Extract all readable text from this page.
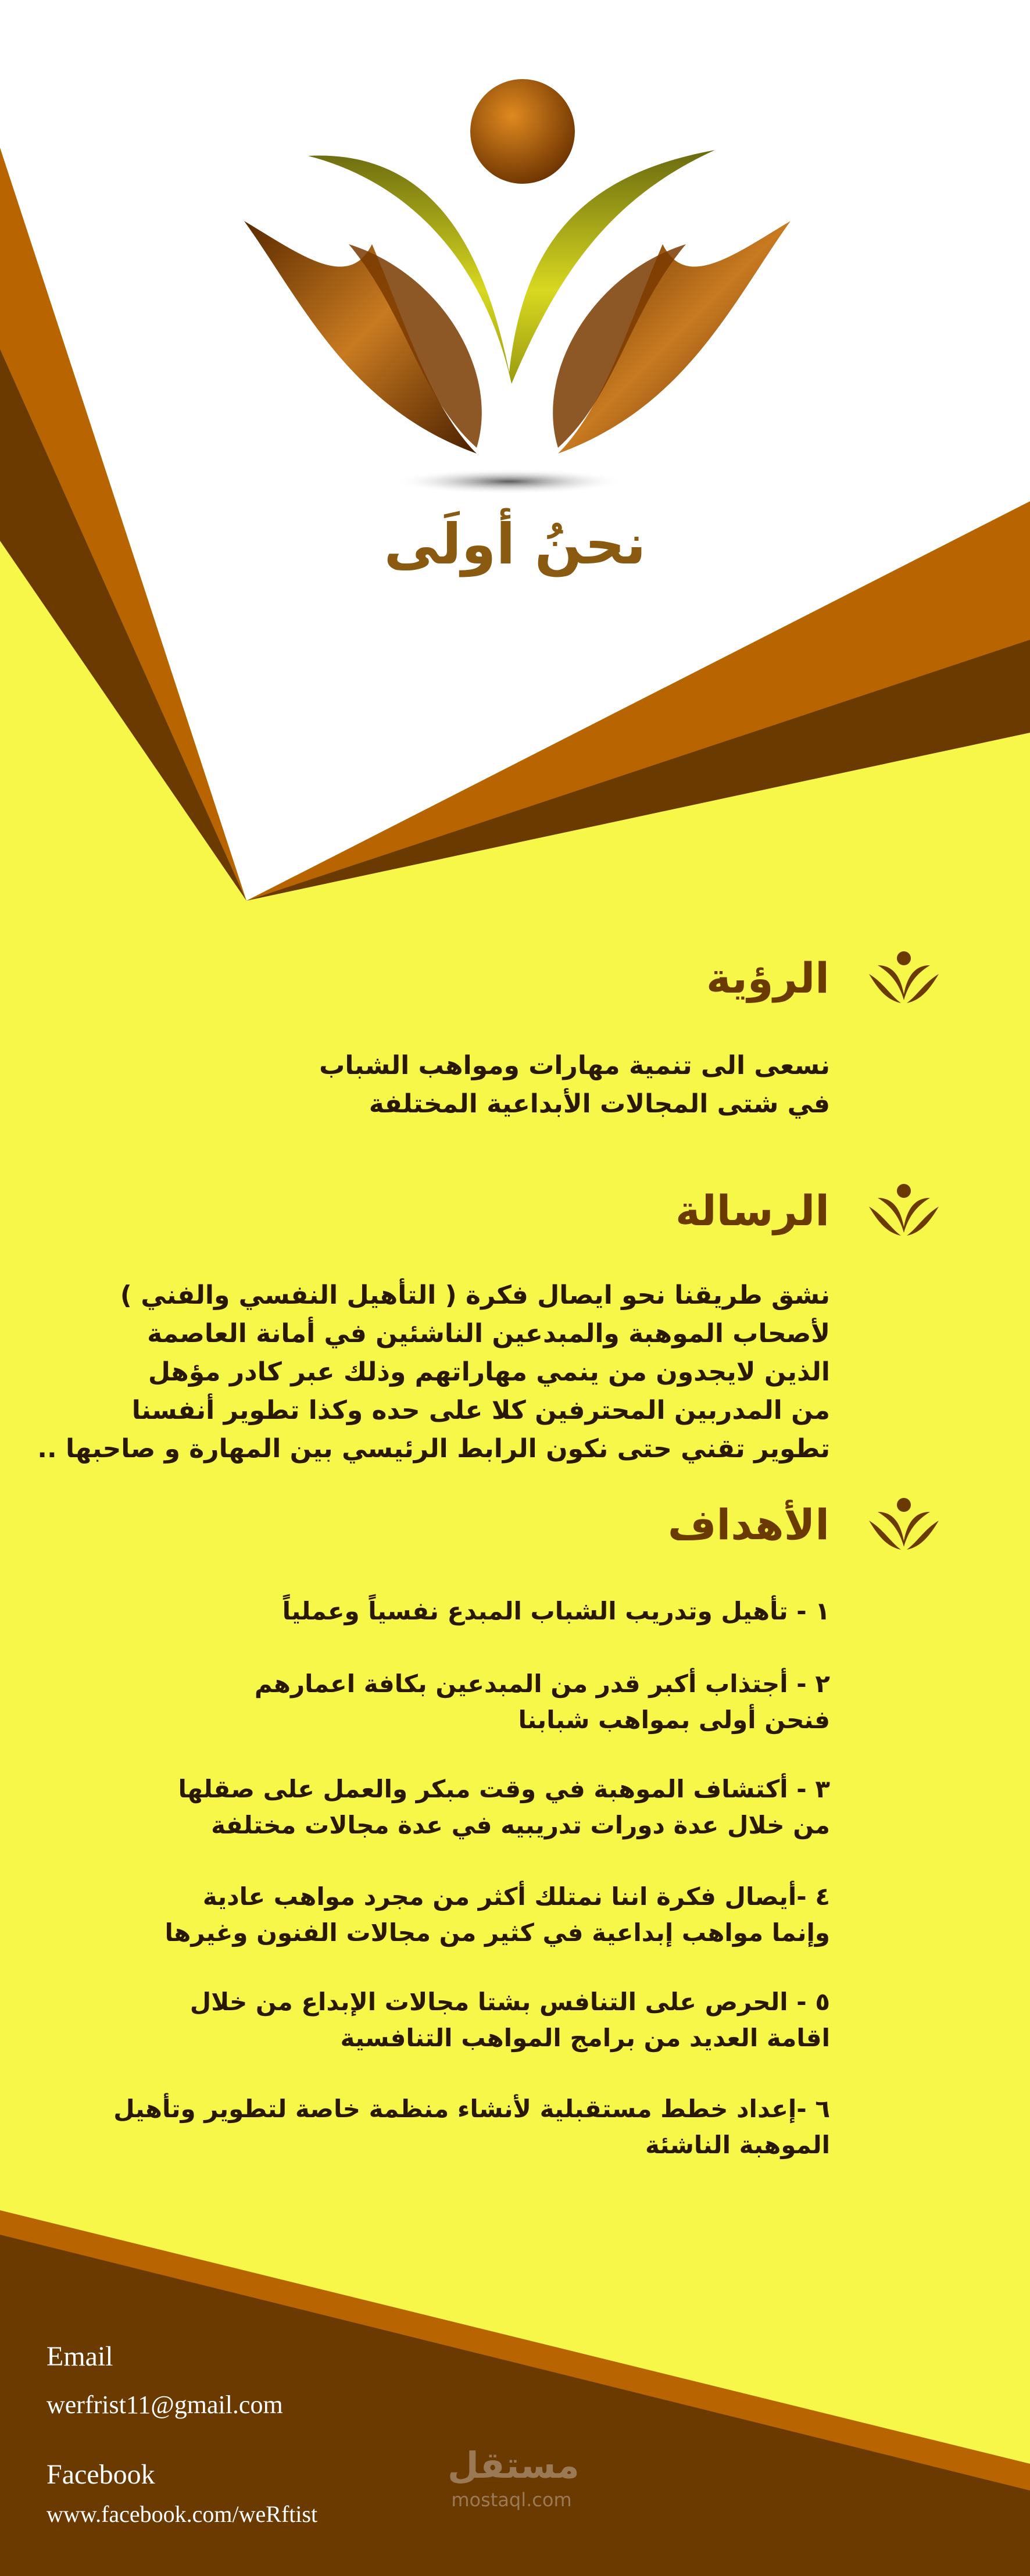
نحنُ أولَى
الرؤية
نسعى الى تنمية مهارات ومواهب الشباب
في شتى المجالات الأبداعية المختلفة
الرسالة
نشق طريقنا نحو ايصال فكرة ( التأهيل النفسي والفني )
لأصحاب الموهبة والمبدعين الناشئين في أمانة العاصمة
الذين لايجدون من ينمي مهاراتهم وذلك عبر كادر مؤهل
من المدربين المحترفين كلا على حده وكذا تطوير أنفسنا
تطوير تقني حتى نكون الرابط الرئيسي بين المهارة و صاحبها ..
الأهداف
١ - تأهيل وتدريب الشباب المبدع نفسياً وعملياً
٢ - أجتذاب أكبر قدر من المبدعين بكافة اعمارهم
فنحن أولى بمواهب شبابنا
٣ - أكتشاف الموهبة في وقت مبكر والعمل على صقلها
من خلال عدة دورات تدريبيه في عدة مجالات مختلفة
٤ -أيصال فكرة اننا نمتلك أكثر من مجرد مواهب عادية
وإنما مواهب إبداعية في كثير من مجالات الفنون وغيرها
٥ - الحرص على التنافس بشتا مجالات الإبداع من خلال
اقامة العديد من برامج المواهب التنافسية
٦ -إعداد خطط مستقبلية لأنشاء منظمة خاصة لتطوير وتأهيل
الموهبة الناشئة
Email
werfrist11@gmail.com
Facebook
www.facebook.com/weRftist
مستقل
mostaql.com
